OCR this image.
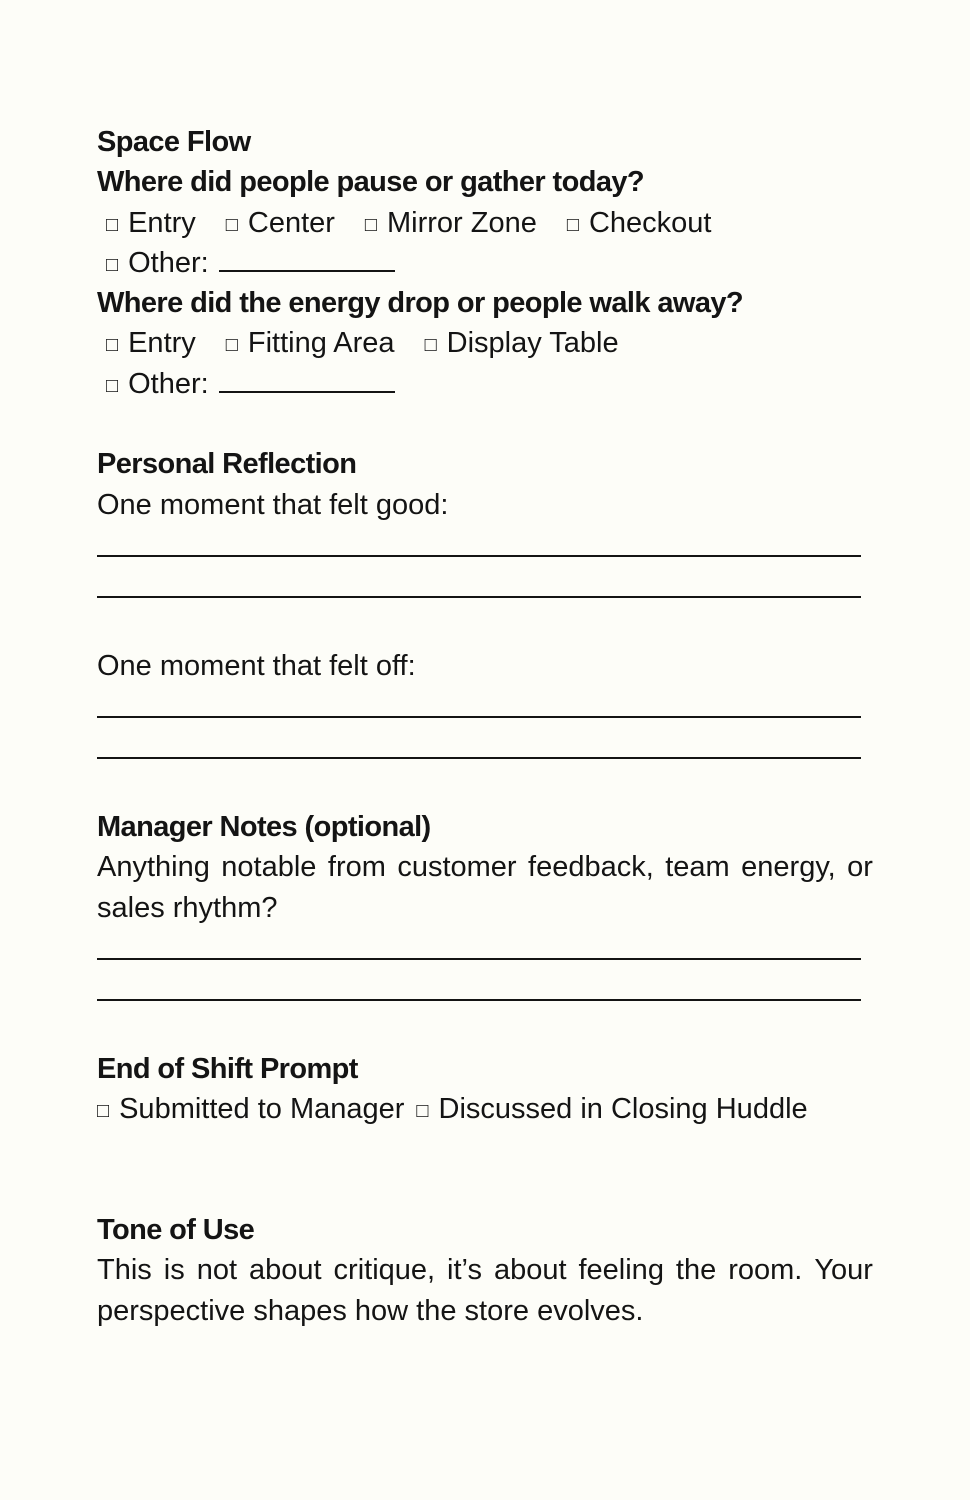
Space Flow
Where did people pause or gather today?
□ Entry □ Center □ Mirror Zone □ Checkout
□ Other:
Where did the energy drop or people walk away?
□ Entry □ Fitting Area □ Display Table
□ Other:
Personal Reflection
One moment that felt good:
One moment that felt off:
Manager Notes (optional)
Anything notable from customer feedback, team energy, or
sales rhythm?
End of Shift Prompt
□ Submitted to Manager □ Discussed in Closing Huddle
Tone of Use
This is not about critique, it’s about feeling the room. Your
perspective shapes how the store evolves.
